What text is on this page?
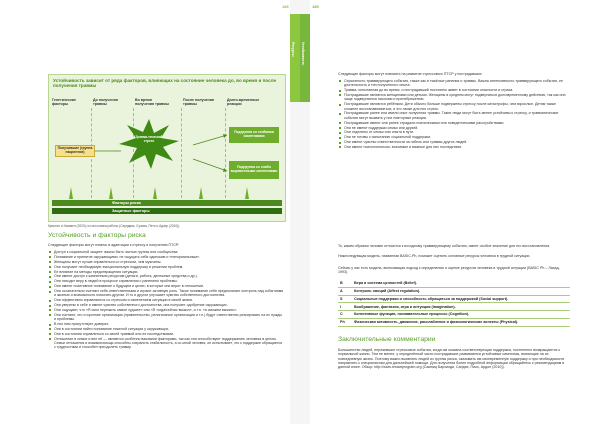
Ресурсы Устойчивость
186	185
Устойчивость зависит от ряда факторов, влияющих на состояние человека до, во время и после получения травмы
Генетические факторы
До получения травмы
Во время получения травмы
После получения травмы
Долго-временные реакции
Получившие (группа пациентов)
Травма-тический стресс
Подгруппа со стойкими симптомами
Подгруппа со слабо выраженными симптомами
Факторы риска
Защитные факторы
Кристал и Ньюмен (2003); из источника работы (Саундвик, Сузова, Пето и Адзер (2010)).
Устойчивость и факторы риска
Следующие факторы могут помочь в адаптации к стрессу и получению ПТСР:
Доступ к социальной защите: важно быть частью группы или сообщества.
Понимание и принятие окружающими: не ощущать себя одиноким и «ненормальным».
Женщины могут лучше справляться со стрессом, чем мужчины.
Они получают необходимую эмоциональную поддержку в решении проблем.
Ее влияние на методы предотвращения ситуации.
Они имеют доступ к жизненным ресурсам (деньги, работа, денежные средства и др.).
Они находят веру в людей в процессе справления с ранением проблемы.
Они имеют позитивное понимание о будущем и целях, в которые они верят в отношении.
Они осознательно считают себя ответственными и играют активную роль. Такое понимание себя предполагает контроль над событиями и жизнью и возможность помогать другим. И то и другое улучшает чувство собственного достоинства.
Они эффективно справляются со стрессом и изменением ситуации в своей жизни.
Они уверены в себе и имеют чувство собственного достоинства, она получает одобрение окружающих.
Они ощущают, что «Я смог пережить самое худшее» или «Я тогда/сейчас выжил», и т.п. «я сможем выжить».
Они считают, что сторонние организации (правительство, религиозные организации и т.п.) будут ответственно реагировать на их нужды и проблемы.
В них ним присутствует доверие.
Они в состоянии найти понимание тяжелой ситуации у окружающих.
Они в состоянии справляться со своей травмой или ее последствиями.
Отношение в семье и вне её — являются особенно важными факторами, так как они способствуют поддержанию человека в целом. Семьи отношения и взаимопомощь способны сохранить стабильность, а со мной человек, он испытывает, что к поддержке обращается с трудностями и способен преодолеть травму.
Следующие факторы могут повлиять на развитие стрессового ПТСР у пострадавших:
Серьезность травмирующего события, также как и тяжёлые ранения и травмы. Важна интенсивность травмирующего события, ее длительность и тип полученного опыта.
Травма, испытанная до во время, и пострадавший постоянно живет в состоянии опасности и страха.
Пострадавшие являются женщинами или детьми. Женщины в среднем могут подвергаться долговременному действию, так как они чаще подвергаются насилию и пренебрежению.
Пострадавшие являются ребёнком. Дети обычно больше подвержены стрессу после катастрофы, чем взрослые. Детям также сложнее восстанавливаться, и это также для них стресс.
Пострадавшие ранее или имели опыт получения травмы. Такие люди могут быть менее устойчивы к стрессу, и травматические события могут вызвать у них повторные реакции.
Пострадавшие имеют или ранее страдали психическими или поведенческими расстройствами.
Они не имеют поддержки семьи или друзей.
Они отделены от семьи или опыта в пути.
Они не готовы к испытанию социальной поддержки.
Они имеют чувство ответственности за гибель или травмы других людей.
Они имеют психологически, значимые и важные для них последствия.
То, каким образом человек относится к исходному травмирующему событию, имеет особое значение для его восстановления.
Нижеследующая модель, названная BASIC-Ph, поможет оценить основные ресурсы человека в трудной ситуации.
Сейчас у нас есть модель, включающая подход к определению и оценке ресурсов человека в трудной ситуации (BASIC Ph – Лахад, 1993).
B	Вера и система ценностей (Belief).
A	Контроль эмоций (Affect regulation).
S	Социальные поддержки и способность обращаться за поддержкой (Social support).
I	Воображение, фантазия, игра и интуиция (Imagination).
C	Когнитивные функции, познавательные процессы (Cognition).
Ph	Физическая активность, движение, расслабление и физиологические аспекты (Physical).
Заключительные комментарии
Большинство людей, переживших стрессовые события, когда им оказана соответствующая поддержка, постепенно возвращаются к нормальной жизни. Тем не менее, у определённой части пострадавших развиваются устойчивые симптомы, влияющие на их повседневную жизнь. Поэтому важно выявлять людей из группы риска, оказывать им своевременную поддержку и при необходимости направлять к специалистам для дальнейшей помощи. Для получения более подробной информации обращайтесь к рекомендациям в данной книге. Обзор: http://www.restartprogram.org (Сампиц Бархиоди, Сандих, Пико, Ардон (2010)).
